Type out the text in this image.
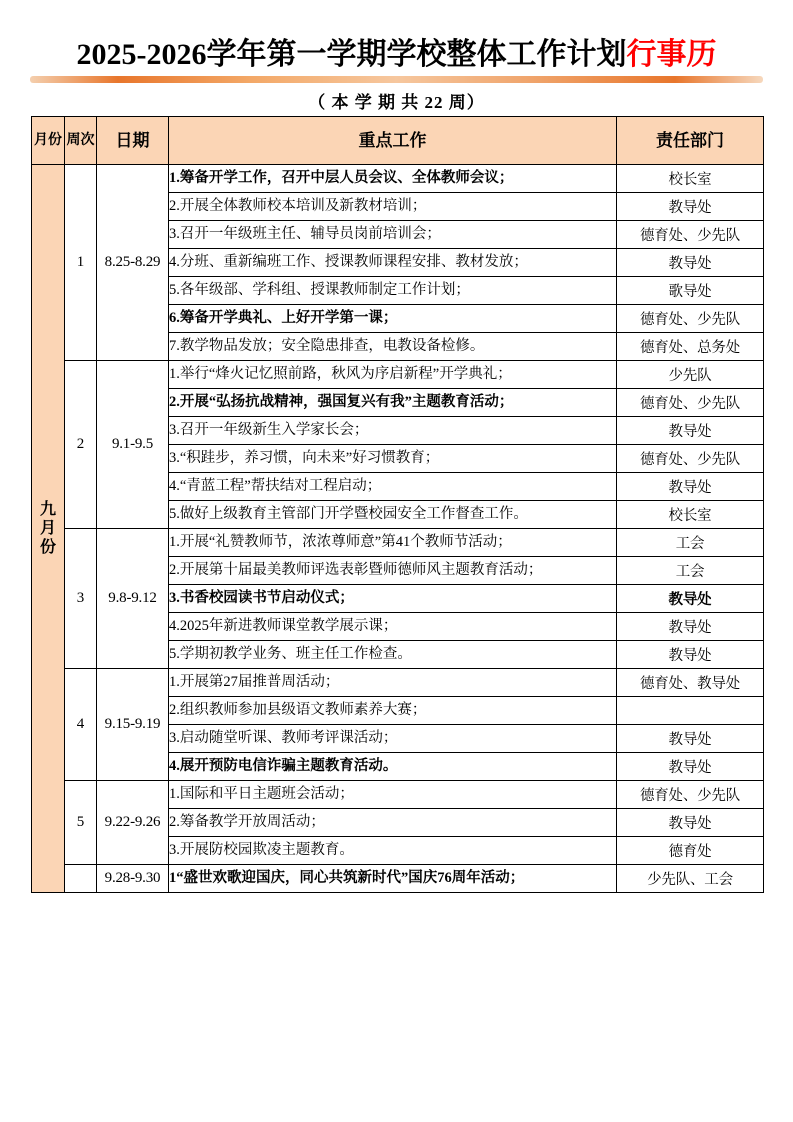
2025-2026学年第一学期学校整体工作计划行事历
（ 本 学 期 共 22 周）
月份	周次	日期	重点工作	责任部门

九月份	1	8.25-8.29	1.筹备开学工作，召开中层人员会议、全体教师会议；	校长室
			2.开展全体教师校本培训及新教材培训；	教导处
			3.召开一年级班主任、辅导员岗前培训会；	德育处、少先队
			4.分班、重新编班工作、授课教师课程安排、教材发放；	教导处
			5.各年级部、学科组、授课教师制定工作计划；	歌导处
			6.筹备开学典礼、上好开学第一课；	德育处、少先队
			7.教学物品发放；安全隐患排查，电教设备检修。	德育处、总务处
	2	9.1-9.5	1.举行“烽火记忆照前路，秋风为序启新程”开学典礼；	少先队
			2.开展“弘扬抗战精神，强国复兴有我”主题教育活动；	德育处、少先队
			3.召开一年级新生入学家长会；	教导处
			3.“积跬步，养习惯，向未来”好习惯教育；	德育处、少先队
			4.“青蓝工程”帮扶结对工程启动；	教导处
			5.做好上级教育主管部门开学暨校园安全工作督查工作。	校长室
	3	9.8-9.12	1.开展“礼赞教师节，浓浓尊师意”第41个教师节活动；	工会
			2.开展第十届最美教师评选表彰暨师德师风主题教育活动；	工会
			3.书香校园读书节启动仪式；	教导处
			4.2025年新进教师课堂教学展示课；	教导处
			5.学期初教学业务、班主任工作检查。	教导处
	4	9.15-9.19	1.开展第27届推普周活动；	德育处、教导处
			2.组织教师参加县级语文教师素养大赛；	
			3.启动随堂听课、教师考评课活动；	教导处
			4.展开预防电信诈骗主题教育活动。	教导处
	5	9.22-9.26	1.国际和平日主题班会活动；	德育处、少先队
			2.筹备教学开放周活动；	教导处
			3.开展防校园欺凌主题教育。	德育处
		9.28-9.30	1“盛世欢歌迎国庆，同心共筑新时代”国庆76周年活动；	少先队、工会
